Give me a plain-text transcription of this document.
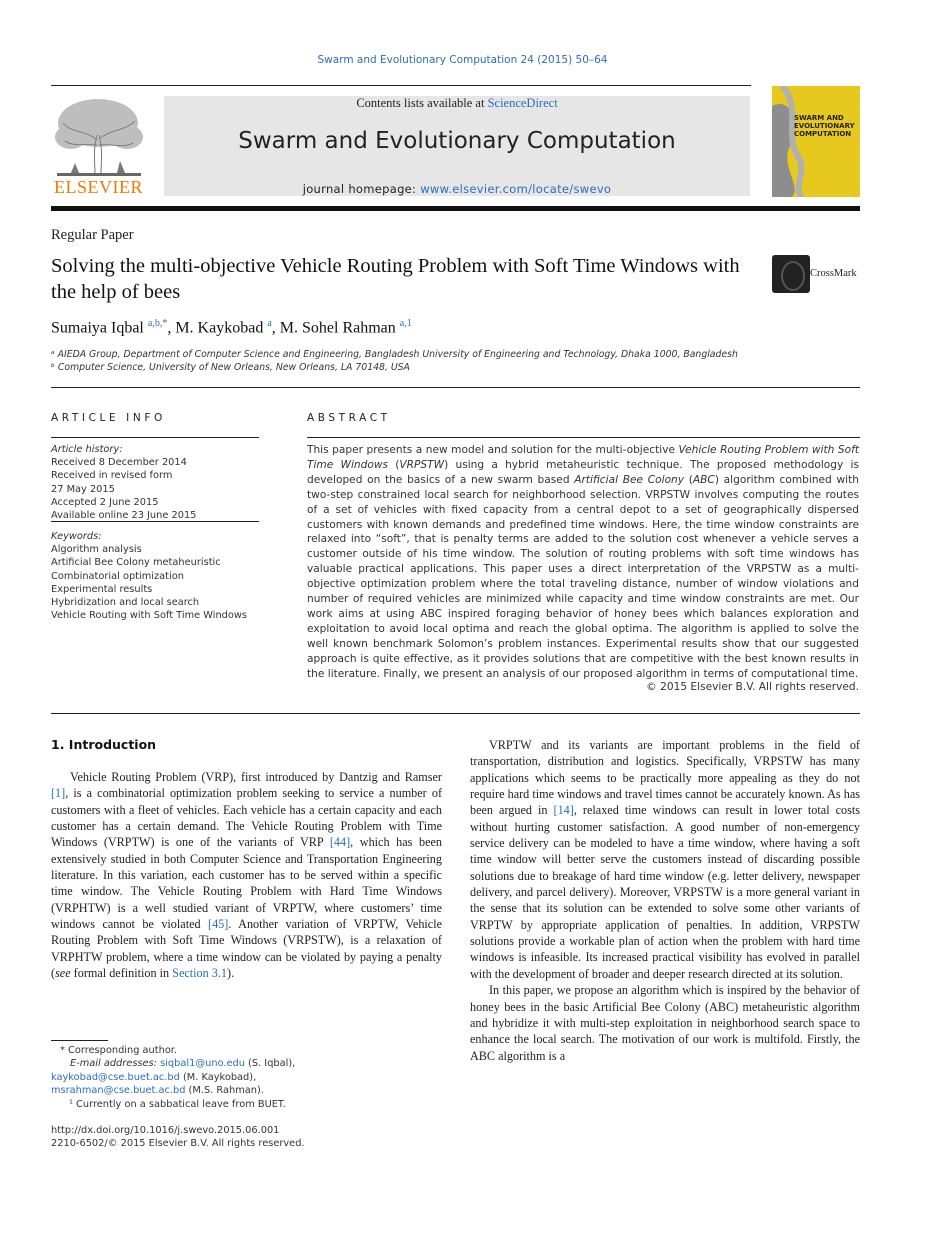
Swarm and Evolutionary Computation 24 (2015) 50–64
ELSEVIER
Contents lists available at ScienceDirect
Swarm and Evolutionary Computation
journal homepage: www.elsevier.com/locate/swevo
SWARM AND EVOLUTIONARY COMPUTATION
Regular Paper
Solving the multi-objective Vehicle Routing Problem with Soft Time Windows with the help of bees
CrossMark
Sumaiya Iqbal $^{a,b,*}$, M. Kaykobad $^a$, M. Sohel Rahman $^{a,1}$
ᵃ AIEDA Group, Department of Computer Science and Engineering, Bangladesh University of Engineering and Technology, Dhaka 1000, Bangladesh
ᵇ Computer Science, University of New Orleans, New Orleans, LA 70148, USA
ARTICLE INFO
Article history:
Received 8 December 2014
Received in revised form
27 May 2015
Accepted 2 June 2015
Available online 23 June 2015
Keywords:
Algorithm analysis
Artificial Bee Colony metaheuristic
Combinatorial optimization
Experimental results
Hybridization and local search
Vehicle Routing with Soft Time Windows
ABSTRACT
This paper presents a new model and solution for the multi-objective Vehicle Routing Problem with Soft Time Windows (VRPSTW) using a hybrid metaheuristic technique. The proposed methodology is developed on the basics of a new swarm based Artificial Bee Colony (ABC) algorithm combined with two-step constrained local search for neighborhood selection. VRPSTW involves computing the routes of a set of vehicles with fixed capacity from a central depot to a set of geographically dispersed customers with known demands and predefined time windows. Here, the time window constraints are relaxed into “soft”, that is penalty terms are added to the solution cost whenever a vehicle serves a customer outside of his time window. The solution of routing problems with soft time windows has valuable practical applications. This paper uses a direct interpretation of the VRPSTW as a multi-objective optimization problem where the total traveling distance, number of window violations and number of required vehicles are minimized while capacity and time window constraints are met. Our work aims at using ABC inspired foraging behavior of honey bees which balances exploration and exploitation to avoid local optima and reach the global optima. The algorithm is applied to solve the well known benchmark Solomon’s problem instances. Experimental results show that our suggested approach is quite effective, as it provides solutions that are competitive with the best known results in the literature. Finally, we present an analysis of our proposed algorithm in terms of computational time.
© 2015 Elsevier B.V. All rights reserved.
1. Introduction

Vehicle Routing Problem (VRP), first introduced by Dantzig and Ramser [1], is a combinatorial optimization problem seeking to service a number of customers with a fleet of vehicles. Each vehicle has a certain capacity and each customer has a certain demand. The Vehicle Routing Problem with Time Windows (VRPTW) is one of the variants of VRP [44], which has been extensively studied in both Computer Science and Transportation Engineering literature. In this variation, each customer has to be served within a specific time window. The Vehicle Routing Problem with Hard Time Windows (VRPHTW) is a well studied variant of VRPTW, where customers’ time windows cannot be violated [45]. Another variation of VRPTW, Vehicle Routing Problem with Soft Time Windows (VRPSTW), is a relaxation of VRPHTW problem, where a time window can be violated by paying a penalty (see formal definition in Section 3.1).

VRPTW and its variants are important problems in the field of transportation, distribution and logistics. Specifically, VRPSTW has many applications which seems to be practically more appealing as they do not require hard time windows and travel times cannot be accurately known. As has been argued in [14], relaxed time windows can result in lower total costs without hurting customer satisfaction. A good number of non-emergency service delivery can be modeled to have a time window, where having a soft time window will better serve the customers instead of discarding possible solutions due to breakage of hard time window (e.g. letter delivery, newspaper delivery, and parcel delivery). Moreover, VRPSTW is a more general variant in the sense that its solution can be extended to solve some other variants of VRPTW by appropriate application of penalties. In addition, VRPSTW solutions provide a workable plan of action when the problem with hard time windows is infeasible. Its increased practical visibility has evolved in parallel with the development of broader and deeper research directed at its solution.

In this paper, we propose an algorithm which is inspired by the behavior of honey bees in the basic Artificial Bee Colony (ABC) metaheuristic algorithm and hybridize it with multi-step exploitation in neighborhood search space to enhance the local search. The motivation of our work is multifold. Firstly, the ABC algorithm is a

* Corresponding author.
E-mail addresses: siqbal1@uno.edu (S. Iqbal),
kaykobad@cse.buet.ac.bd (M. Kaykobad),
msrahman@cse.buet.ac.bd (M.S. Rahman).
¹ Currently on a sabbatical leave from BUET.
http://dx.doi.org/10.1016/j.swevo.2015.06.001
2210-6502/© 2015 Elsevier B.V. All rights reserved.
